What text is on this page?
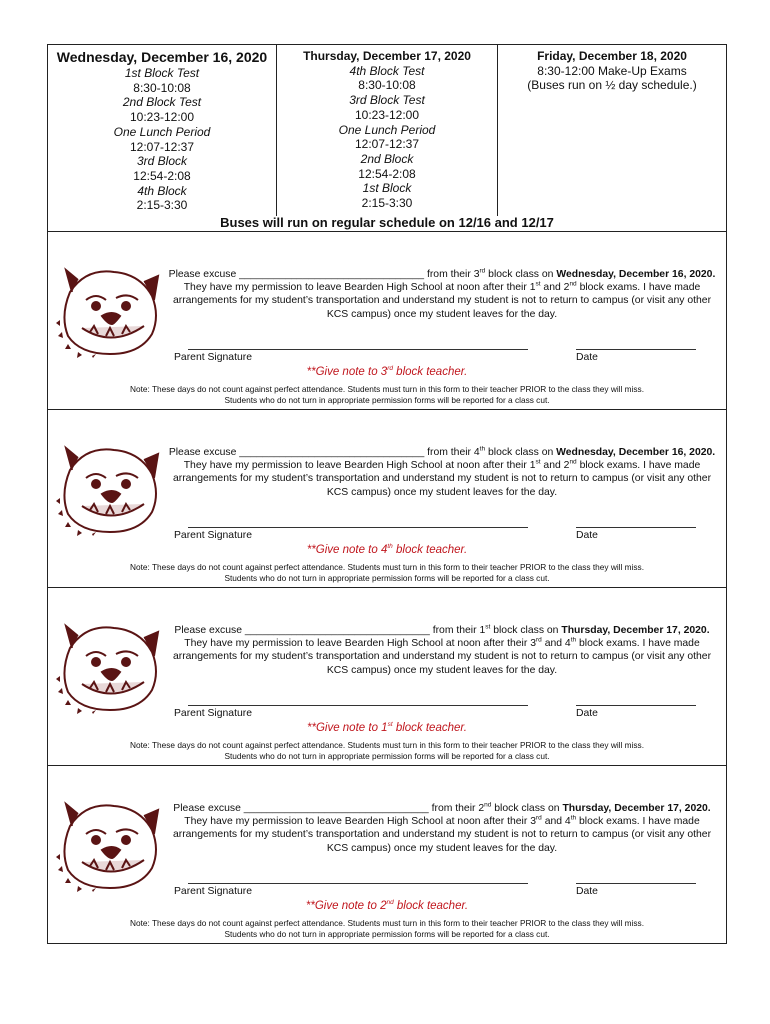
Wednesday, December 16, 2020
1st Block Test
8:30-10:08
2nd Block Test
10:23-12:00
One Lunch Period
12:07-12:37
3rd Block
12:54-2:08
4th Block
2:15-3:30
Thursday, December 17, 2020
4th Block Test
8:30-10:08
3rd Block Test
10:23-12:00
One Lunch Period
12:07-12:37
2nd Block
12:54-2:08
1st Block
2:15-3:30
Friday, December 18, 2020
8:30-12:00 Make-Up Exams
(Buses run on ½ day schedule.)
Buses will run on regular schedule on 12/16 and 12/17
Please excuse ________________________________ from their 3rd block class on Wednesday, December 16, 2020. They have my permission to leave Bearden High School at noon after their 1st and 2nd block exams. I have made arrangements for my student’s transportation and understand my student is not to return to campus (or visit any other KCS campus) once my student leaves for the day.
Parent Signature	Date
**Give note to 3rd block teacher.
Note: These days do not count against perfect attendance. Students must turn in this form to their teacher PRIOR to the class they will miss.
Students who do not turn in appropriate permission forms will be reported for a class cut.
Please excuse ________________________________ from their 4th block class on Wednesday, December 16, 2020. They have my permission to leave Bearden High School at noon after their 1st and 2nd block exams. I have made arrangements for my student’s transportation and understand my student is not to return to campus (or visit any other KCS campus) once my student leaves for the day.
Parent Signature	Date
**Give note to 4th block teacher.
Note: These days do not count against perfect attendance. Students must turn in this form to their teacher PRIOR to the class they will miss.
Students who do not turn in appropriate permission forms will be reported for a class cut.
Please excuse ________________________________ from their 1st block class on Thursday, December 17, 2020. They have my permission to leave Bearden High School at noon after their 3rd and 4th block exams. I have made arrangements for my student’s transportation and understand my student is not to return to campus (or visit any other KCS campus) once my student leaves for the day.
Parent Signature	Date
**Give note to 1st block teacher.
Note: These days do not count against perfect attendance. Students must turn in this form to their teacher PRIOR to the class they will miss.
Students who do not turn in appropriate permission forms will be reported for a class cut.
Please excuse ________________________________ from their 2nd block class on Thursday, December 17, 2020. They have my permission to leave Bearden High School at noon after their 3rd and 4th block exams. I have made arrangements for my student’s transportation and understand my student is not to return to campus (or visit any other KCS campus) once my student leaves for the day.
Parent Signature	Date
**Give note to 2nd block teacher.
Note: These days do not count against perfect attendance. Students must turn in this form to their teacher PRIOR to the class they will miss.
Students who do not turn in appropriate permission forms will be reported for a class cut.
